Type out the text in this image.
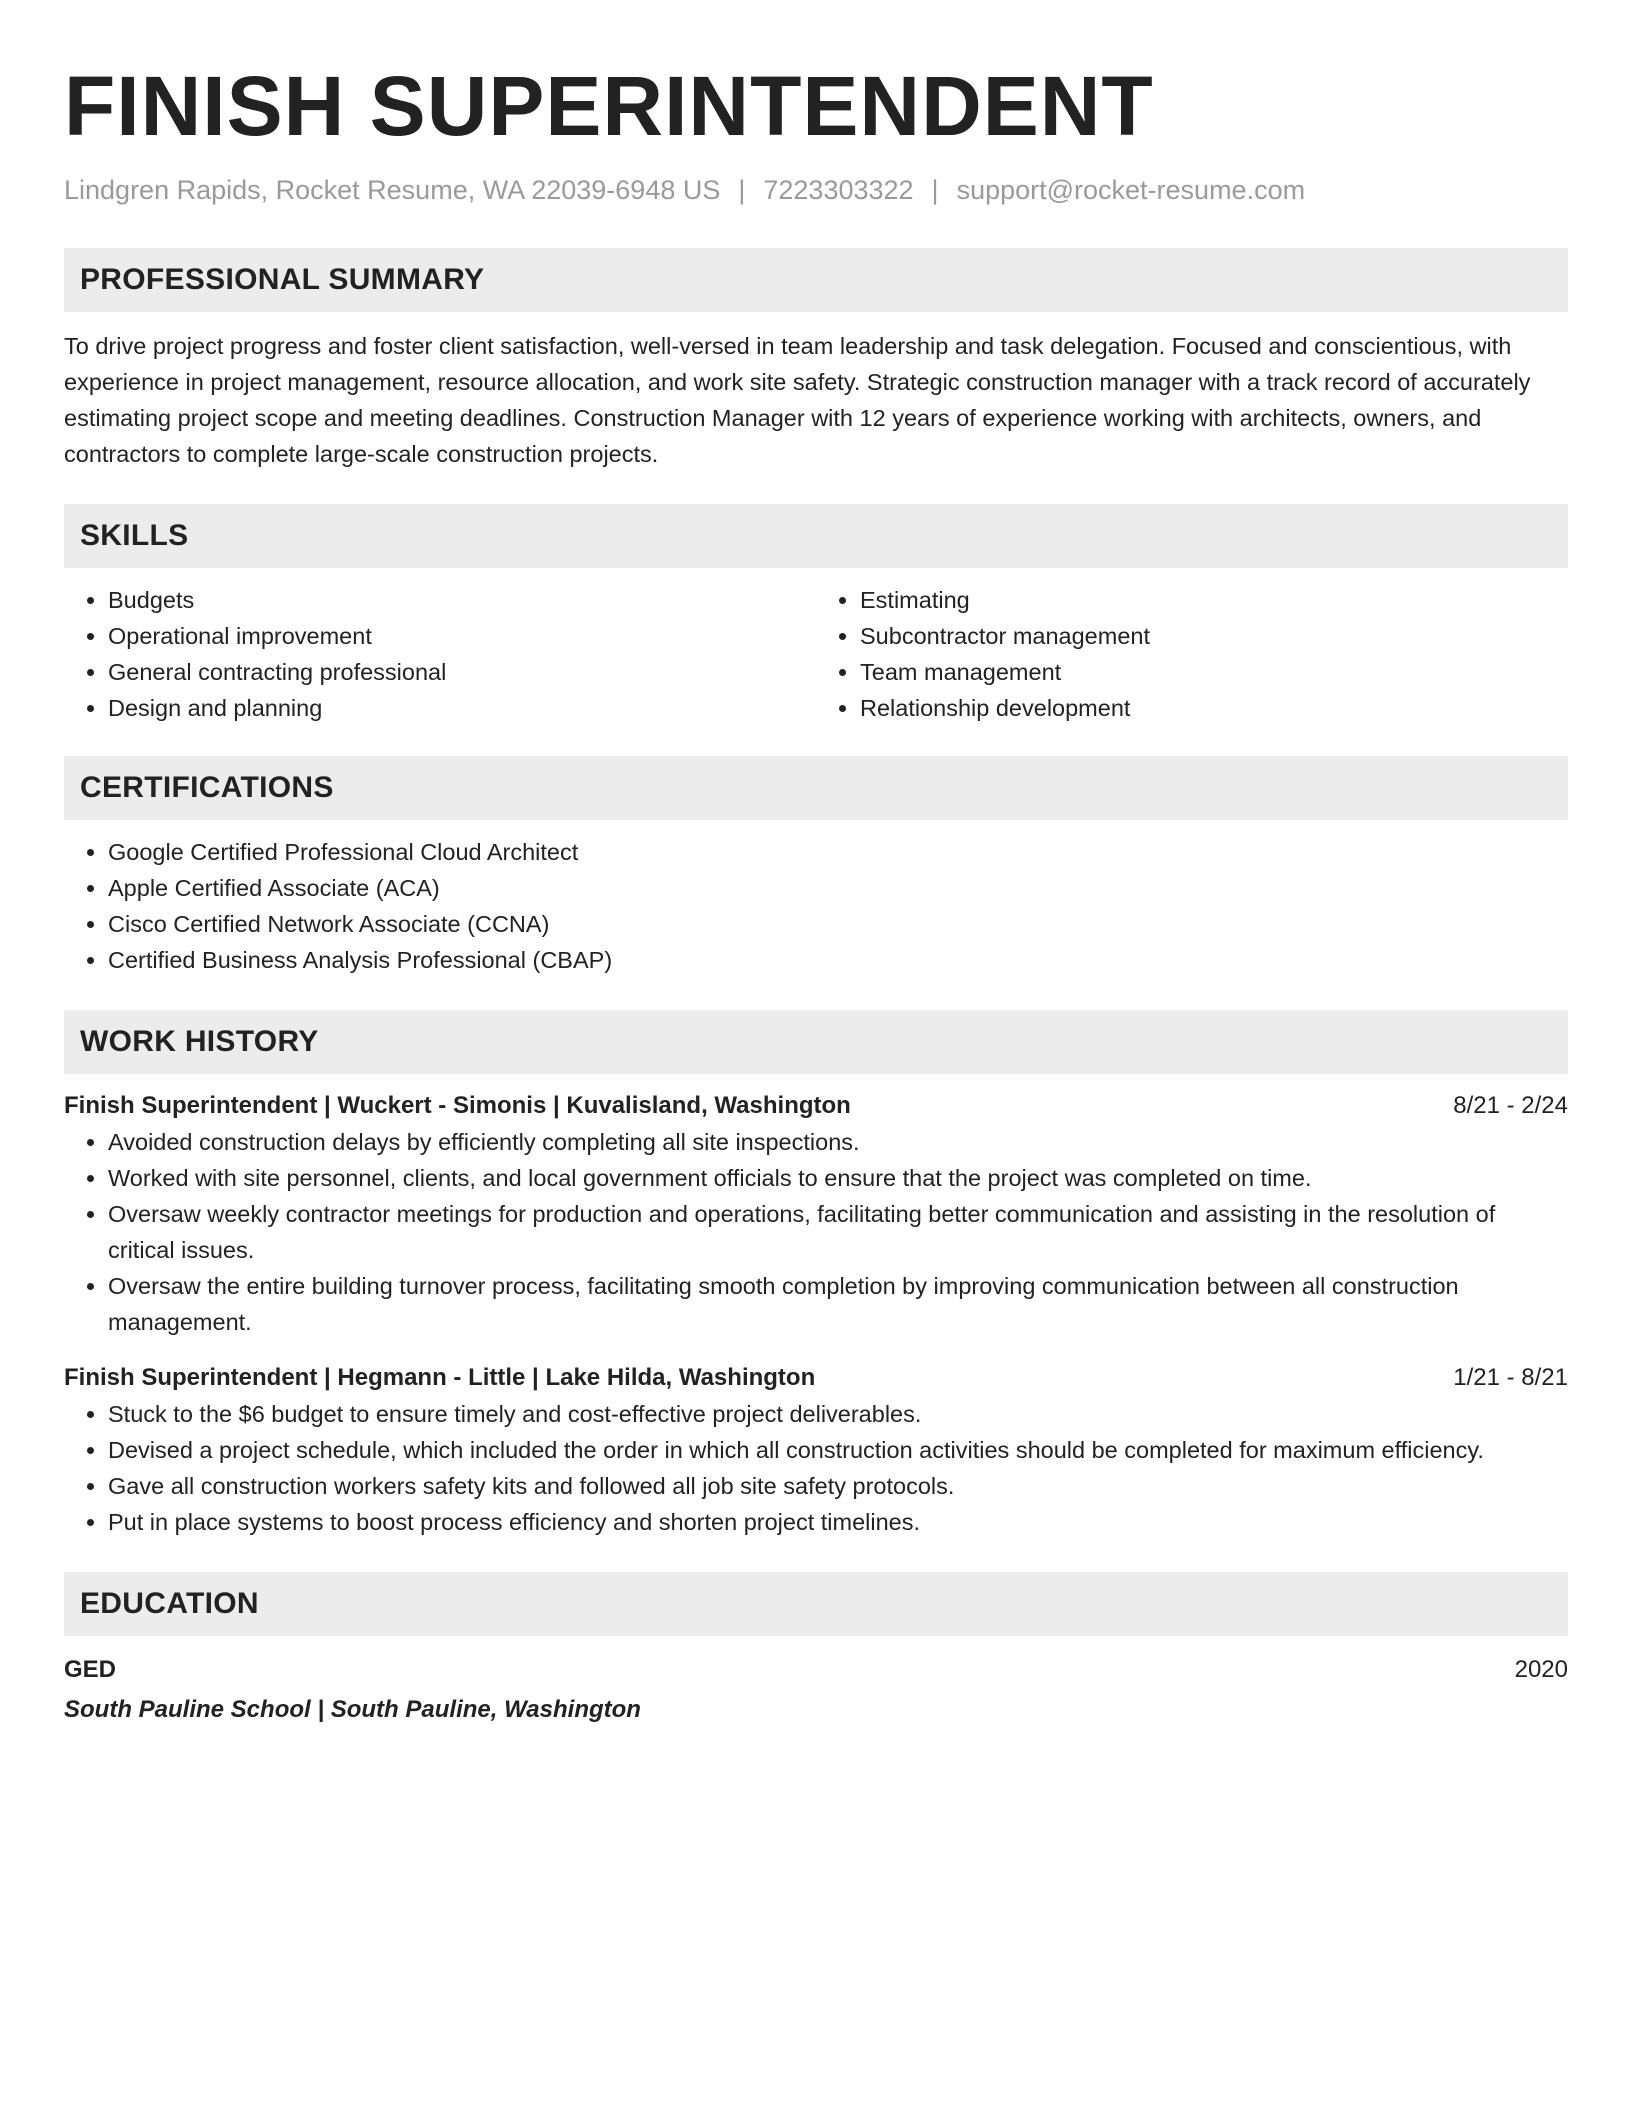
FINISH SUPERINTENDENT
Lindgren Rapids, Rocket Resume, WA 22039-6948 US | 7223303322 | support@rocket-resume.com
PROFESSIONAL SUMMARY

To drive project progress and foster client satisfaction, well-versed in team leadership and task delegation. Focused and conscientious, with experience in project management, resource allocation, and work site safety. Strategic construction manager with a track record of accurately estimating project scope and meeting deadlines. Construction Manager with 12 years of experience working with architects, owners, and contractors to complete large-scale construction projects.

SKILLS
• Budgets
• Operational improvement
• General contracting professional
• Design and planning
• Estimating
• Subcontractor management
• Team management
• Relationship development
CERTIFICATIONS
• Google Certified Professional Cloud Architect
• Apple Certified Associate (ACA)
• Cisco Certified Network Associate (CCNA)
• Certified Business Analysis Professional (CBAP)
WORK HISTORY
Finish Superintendent | Wuckert - Simonis | Kuvalisland, Washington	8/21 - 2/24
• Avoided construction delays by efficiently completing all site inspections.
• Worked with site personnel, clients, and local government officials to ensure that the project was completed on time.
• Oversaw weekly contractor meetings for production and operations, facilitating better communication and assisting in the resolution of critical issues.
• Oversaw the entire building turnover process, facilitating smooth completion by improving communication between all construction management.
Finish Superintendent | Hegmann - Little | Lake Hilda, Washington	1/21 - 8/21
• Stuck to the $6 budget to ensure timely and cost-effective project deliverables.
• Devised a project schedule, which included the order in which all construction activities should be completed for maximum efficiency.
• Gave all construction workers safety kits and followed all job site safety protocols.
• Put in place systems to boost process efficiency and shorten project timelines.
EDUCATION
GED	2020
South Pauline School | South Pauline, Washington
